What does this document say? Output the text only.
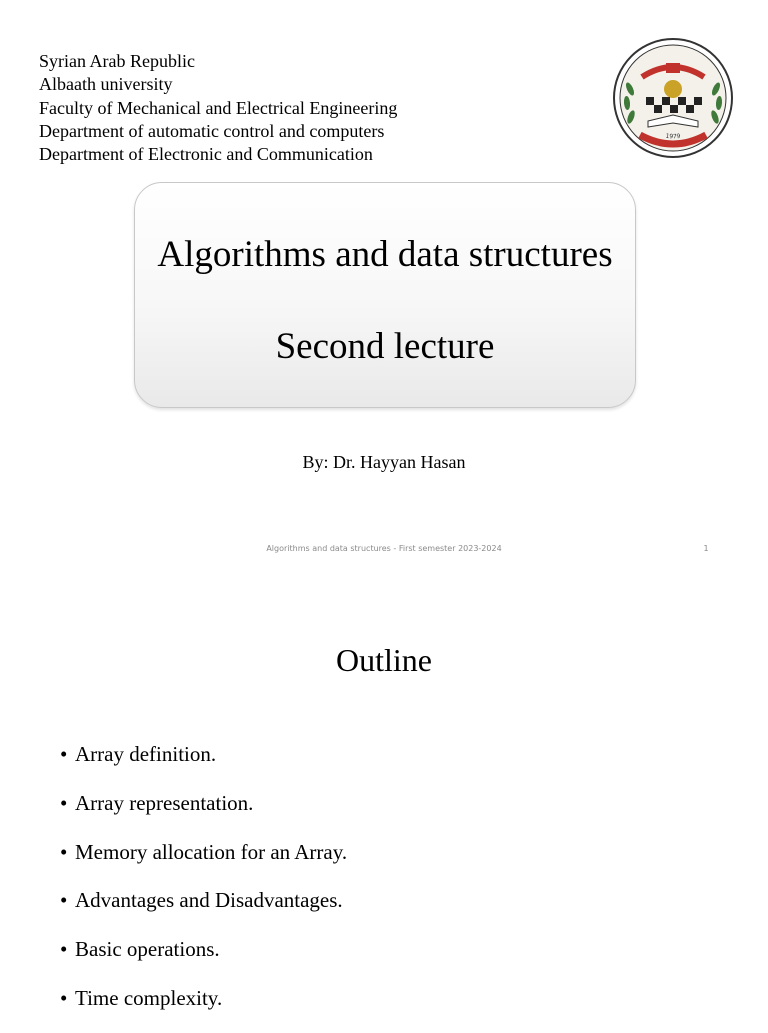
Syrian Arab Republic
Albaath university
Faculty of Mechanical and Electrical Engineering
Department of automatic control and computers
Department of Electronic and Communication
1979
Algorithms and data structures
Second lecture
By: Dr. Hayyan Hasan
Algorithms and data structures - First semester 2023-2024	1
Outline
• Array definition.
• Array representation.
• Memory allocation for an Array.
• Advantages and Disadvantages.
• Basic operations.
• Time complexity.
